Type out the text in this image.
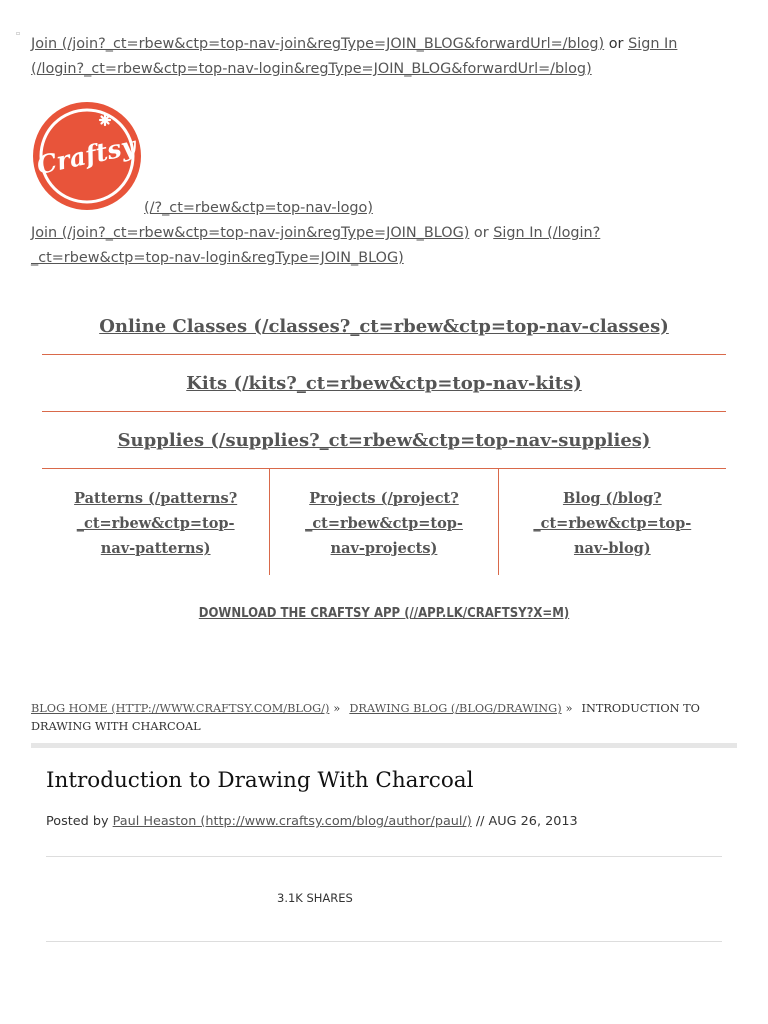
▫
Join (/join?_ct=rbew&ctp=top-nav-join&regType=JOIN_BLOG&forwardUrl=/blog) or Sign In (/login?_ct=rbew&ctp=top-nav-login&regType=JOIN_BLOG&forwardUrl=/blog)
Craftsy
(/?_ct=rbew&ctp=top-nav-logo)
Join (/join?_ct=rbew&ctp=top-nav-join&regType=JOIN_BLOG) or Sign In (/login?_ct=rbew&ctp=top-nav-login&regType=JOIN_BLOG)
Online Classes (/classes?_ct=rbew&ctp=top-nav-classes)
Kits (/kits?_ct=rbew&ctp=top-nav-kits)
Supplies (/supplies?_ct=rbew&ctp=top-nav-supplies)
Patterns (/patterns?_ct=rbew&ctp=top-nav-patterns)
Projects (/project?_ct=rbew&ctp=top-nav-projects)
Blog (/blog?_ct=rbew&ctp=top-nav-blog)
DOWNLOAD THE CRAFTSY APP (//APP.LK/CRAFTSY?X=M)
BLOG HOME (HTTP://WWW.CRAFTSY.COM/BLOG/) » DRAWING BLOG (/BLOG/DRAWING) » INTRODUCTION TO DRAWING WITH CHARCOAL
Introduction to Drawing With Charcoal
Posted by Paul Heaston (http://www.craftsy.com/blog/author/paul/) // AUG 26, 2013
3.1K SHARES
